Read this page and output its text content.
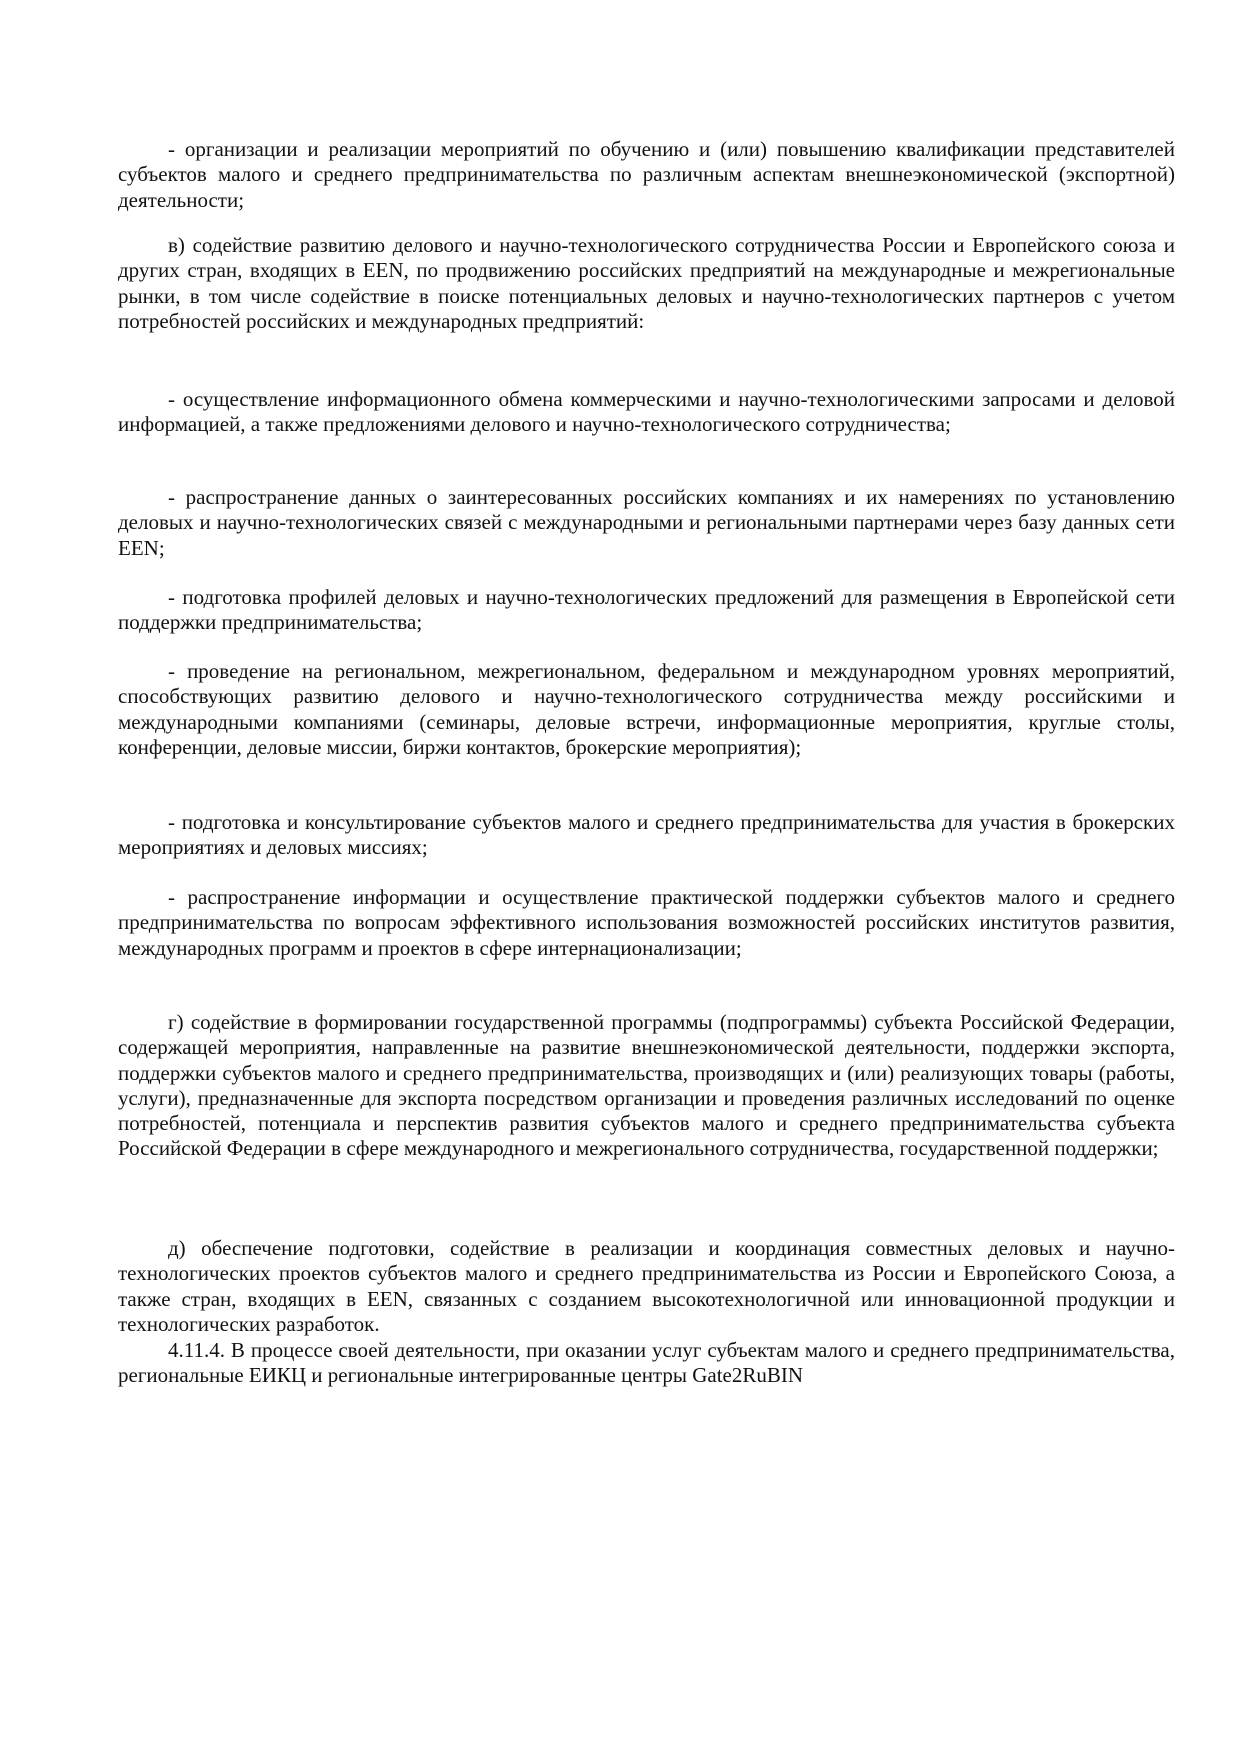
- организации и реализации мероприятий по обучению и (или) повышению квалификации представителей субъектов малого и среднего предпринимательства по различным аспектам внешнеэкономической (экспортной) деятельности;

в) содействие развитию делового и научно-технологического сотрудничества России и Европейского союза и других стран, входящих в EEN, по продвижению российских предприятий на международные и межрегиональные рынки, в том числе содействие в поиске потенциальных деловых и научно-технологических партнеров с учетом потребностей российских и международных предприятий:

- осуществление информационного обмена коммерческими и научно-технологическими запросами и деловой информацией, а также предложениями делового и научно-технологического сотрудничества;

- распространение данных о заинтересованных российских компаниях и их намерениях по установлению деловых и научно-технологических связей с международными и региональными партнерами через базу данных сети EEN;

- подготовка профилей деловых и научно-технологических предложений для размещения в Европейской сети поддержки предпринимательства;

- проведение на региональном, межрегиональном, федеральном и международном уровнях мероприятий, способствующих развитию делового и научно-технологического сотрудничества между российскими и международными компаниями (семинары, деловые встречи, информационные мероприятия, круглые столы, конференции, деловые миссии, биржи контактов, брокерские мероприятия);

- подготовка и консультирование субъектов малого и среднего предпринимательства для участия в брокерских мероприятиях и деловых миссиях;

- распространение информации и осуществление практической поддержки субъектов малого и среднего предпринимательства по вопросам эффективного использования возможностей российских институтов развития, международных программ и проектов в сфере интернационализации;

г) содействие в формировании государственной программы (подпрограммы) субъекта Российской Федерации, содержащей мероприятия, направленные на развитие внешнеэкономической деятельности, поддержки экспорта, поддержки субъектов малого и среднего предпринимательства, производящих и (или) реализующих товары (работы, услуги), предназначенные для экспорта посредством организации и проведения различных исследований по оценке потребностей, потенциала и перспектив развития субъектов малого и среднего предпринимательства субъекта Российской Федерации в сфере международного и межрегионального сотрудничества, государственной поддержки;

д) обеспечение подготовки, содействие в реализации и координация совместных деловых и научно-технологических проектов субъектов малого и среднего предпринимательства из России и Европейского Союза, а также стран, входящих в EEN, связанных с созданием высокотехнологичной или инновационной продукции и технологических разработок.

4.11.4. В процессе своей деятельности, при оказании услуг субъектам малого и среднего предпринимательства, региональные ЕИКЦ и региональные интегрированные центры Gate2RuBIN
